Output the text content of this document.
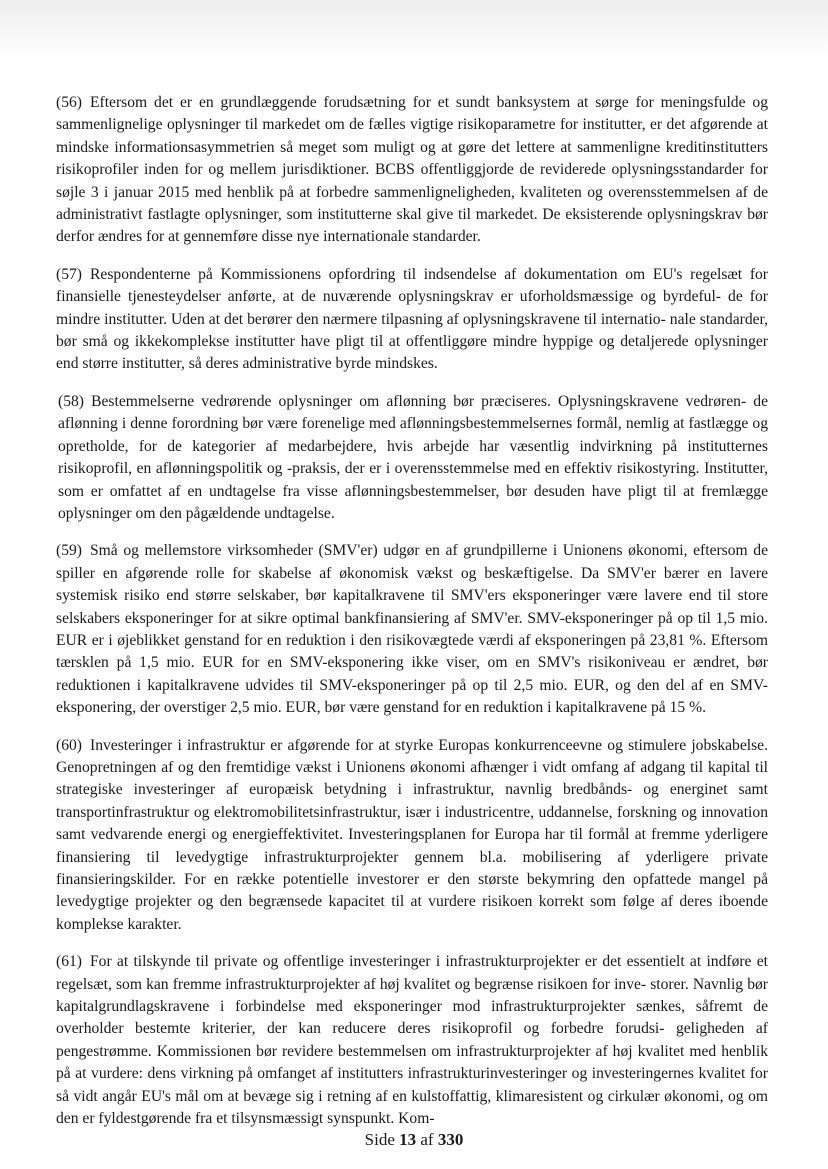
(56) Eftersom det er en grundlæggende forudsætning for et sundt banksystem at sørge for meningsfulde og sammenlignelige oplysninger til markedet om de fælles vigtige risikoparametre for institutter, er det afgørende at mindske informationsasymmetrien så meget som muligt og at gøre det lettere at sammenlignе kreditinstitutters risikoprofiler inden for og mellem jurisdiktioner. BCBS offentliggjorde de reviderede oplysningsstandarder for søjle 3 i januar 2015 med henblik på at forbedre sammenligneligheden, kvaliteten og overensstemmelsen af de administrativt fastlagte oplysninger, som institutterne skal give til markedet. De eksisterende oplysningskrav bør derfor ændres for at gennemføre disse nye internationale standarder.

(57) Respondenterne på Kommissionens opfordring til indsendelse af dokumentation om EU's regelsæt for finansielle tjenesteydelser anførte, at de nuværende oplysningskrav er uforholdsmæssige og byrdeful- de for mindre institutter. Uden at det berører den nærmere tilpasning af oplysningskravene til internatio- nale standarder, bør små og ikkekomplekse institutter have pligt til at offentliggøre mindre hyppige og detaljerede oplysninger end større institutter, så deres administrative byrde mindskes.

(58) Bestemmelserne vedrørende oplysninger om aflønning bør præciseres. Oplysningskravene vedrøren- de aflønning i denne forordning bør være forenelige med aflønningsbestemmelsernes formål, nemlig at fastlægge og opretholde, for de kategorier af medarbejdere, hvis arbejde har væsentlig indvirkning på institutternes risikoprofil, en aflønningspolitik og -praksis, der er i overensstemmelse med en effektiv risikostyring. Institutter, som er omfattet af en undtagelse fra visse aflønningsbestemmelser, bør desuden have pligt til at fremlægge oplysninger om den pågældende undtagelse.

(59) Små og mellemstore virksomheder (SMV'er) udgør en af grundpillerne i Unionens økonomi, eftersom de spiller en afgørende rolle for skabelse af økonomisk vækst og beskæftigelse. Da SMV'er bærer en lavere systemisk risiko end større selskaber, bør kapitalkravene til SMV'ers eksponeringer være lavere end til store selskabers eksponeringer for at sikre optimal bankfinansiering af SMV'er. SMV-eksponeringer på op til 1,5 mio. EUR er i øjeblikket genstand for en reduktion i den risikovægtede værdi af eksponeringen på 23,81 %. Eftersom tærsklen på 1,5 mio. EUR for en SMV-eksponering ikke viser, om en SMV's risikoniveau er ændret, bør reduktionen i kapitalkravene udvides til SMV-eksponeringer på op til 2,5 mio. EUR, og den del af en SMV-eksponering, der overstiger 2,5 mio. EUR, bør være genstand for en reduktion i kapitalkravene på 15 %.

(60) Investeringer i infrastruktur er afgørende for at styrke Europas konkurrenceevne og stimulere jobskabelse. Genopretningen af og den fremtidige vækst i Unionens økonomi afhænger i vidt omfang af adgang til kapital til strategiske investeringer af europæisk betydning i infrastruktur, navnlig bredbånds- og energinet samt transportinfrastruktur og elektromobilitetsinfrastruktur, især i industricentre, uddannelse, forskning og innovation samt vedvarende energi og energieffektivitet. Investeringsplanen for Europa har til formål at fremme yderligere finansiering til levedygtige infrastrukturprojekter gennem bl.a. mobilisering af yderligere private finansieringskilder. For en række potentielle investorer er den største bekymring den opfattede mangel på levedygtige projekter og den begrænsede kapacitet til at vurdere risikoen korrekt som følge af deres iboende komplekse karakter.

(61) For at tilskynde til private og offentlige investeringer i infrastrukturprojekter er det essentielt at indføre et regelsæt, som kan fremme infrastrukturprojekter af høj kvalitet og begrænse risikoen for inve- storer. Navnlig bør kapitalgrundlagskravene i forbindelse med eksponeringer mod infrastrukturprojekter sænkes, såfremt de overholder bestemte kriterier, der kan reducere deres risikoprofil og forbedre forudsi- geligheden af pengestrømme. Kommissionen bør revidere bestemmelsen om infrastrukturprojekter af høj kvalitet med henblik på at vurdere: dens virkning på omfanget af institutters infrastrukturinvesteringer og investeringernes kvalitet for så vidt angår EU's mål om at bevæge sig i retning af en kulstoffattig, klimaresistent og cirkulær økonomi, og om den er fyldestgørende fra et tilsynsmæssigt synspunkt. Kom-

Side 13 af 330
